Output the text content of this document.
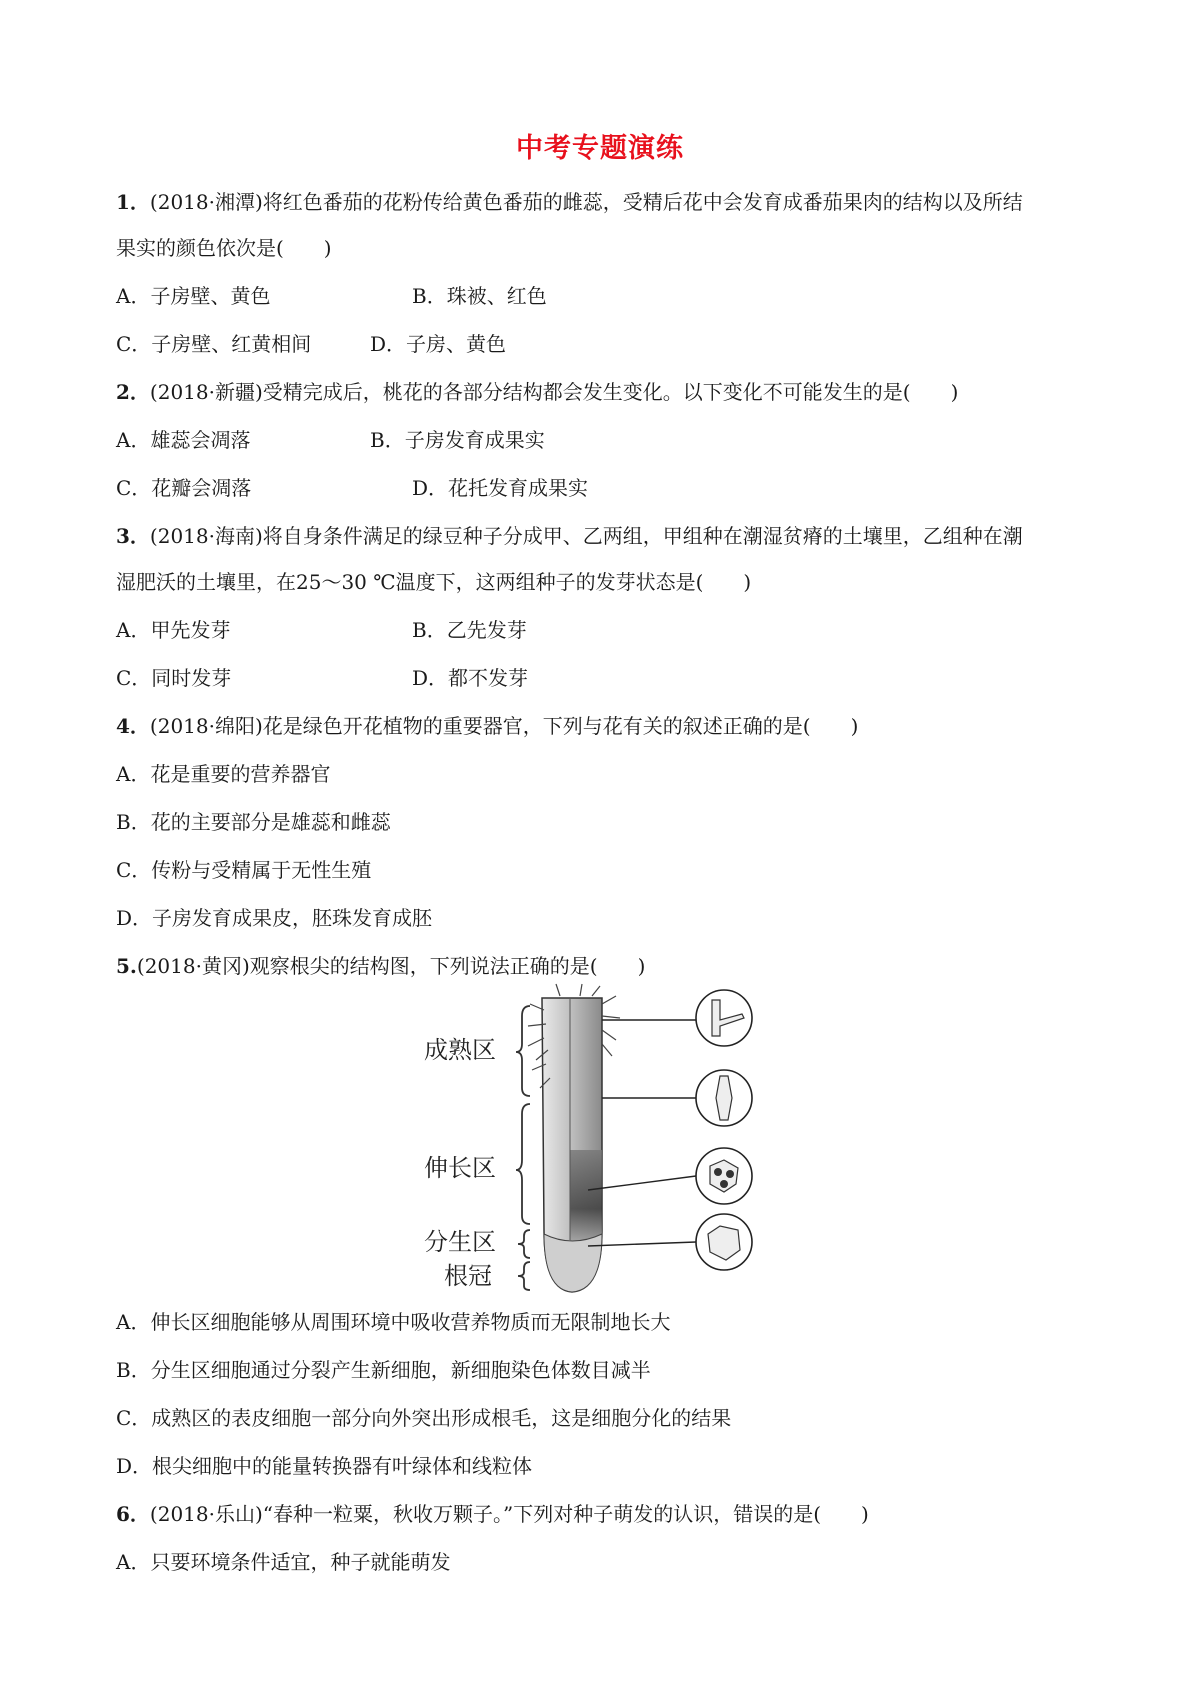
中考专题演练
1．(2018·湘潭)将红色番茄的花粉传给黄色番茄的雌蕊，受精后花中会发育成番茄果肉的结构以及所结
果实的颜色依次是(　　)
A．子房壁、黄色	B．珠被、红色
C．子房壁、红黄相间	D．子房、黄色
2．(2018·新疆)受精完成后，桃花的各部分结构都会发生变化。以下变化不可能发生的是(　　)
A．雄蕊会凋落	B．子房发育成果实
C．花瓣会凋落	D．花托发育成果实
3．(2018·海南)将自身条件满足的绿豆种子分成甲、乙两组，甲组种在潮湿贫瘠的土壤里，乙组种在潮
湿肥沃的土壤里，在25～30 ℃温度下，这两组种子的发芽状态是(　　)
A．甲先发芽	B．乙先发芽
C．同时发芽	D．都不发芽
4．(2018·绵阳)花是绿色开花植物的重要器官，下列与花有关的叙述正确的是(　　)
A．花是重要的营养器官
B．花的主要部分是雄蕊和雌蕊
C．传粉与受精属于无性生殖
D．子房发育成果皮，胚珠发育成胚
5.(2018·黄冈)观察根尖的结构图，下列说法正确的是(　　)
成熟区
伸长区
分生区
根冠
A．伸长区细胞能够从周围环境中吸收营养物质而无限制地长大
B．分生区细胞通过分裂产生新细胞，新细胞染色体数目减半
C．成熟区的表皮细胞一部分向外突出形成根毛，这是细胞分化的结果
D．根尖细胞中的能量转换器有叶绿体和线粒体
6．(2018·乐山)“春种一粒粟，秋收万颗子。”下列对种子萌发的认识，错误的是(　　)
A．只要环境条件适宜，种子就能萌发
